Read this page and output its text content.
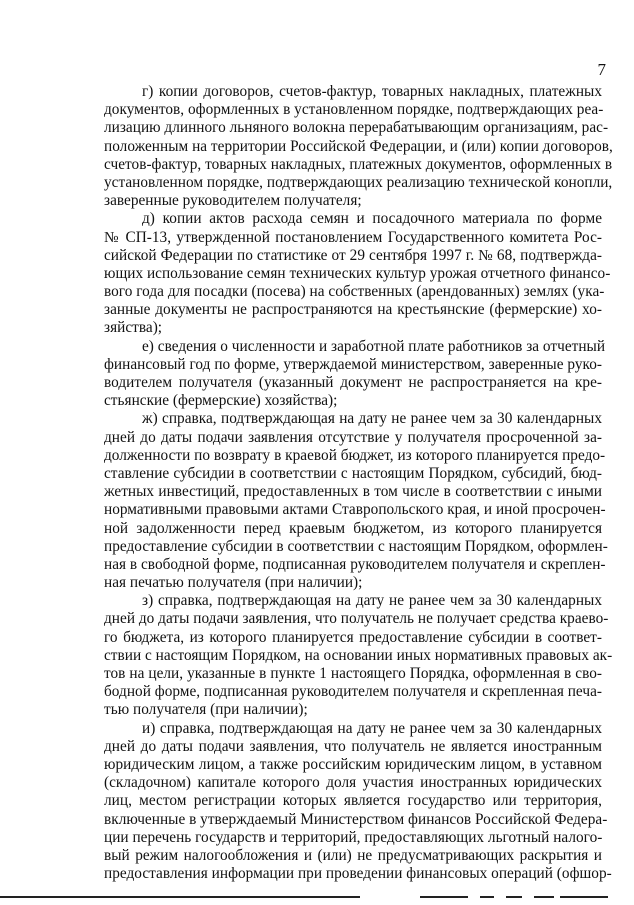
7
г) копии договоров, счетов-фактур, товарных накладных, платежных
документов, оформленных в установленном порядке, подтверждающих реа-
лизацию длинного льняного волокна перерабатывающим организациям, рас-
положенным на территории Российской Федерации, и (или) копии договоров,
счетов-фактур, товарных накладных, платежных документов, оформленных в
установленном порядке, подтверждающих реализацию технической конопли,
заверенные руководителем получателя;
д) копии актов расхода семян и посадочного материала по форме
№ СП-13, утвержденной постановлением Государственного комитета Рос-
сийской Федерации по статистике от 29 сентября 1997 г. № 68, подтвержда-
ющих использование семян технических культур урожая отчетного финансо-
вого года для посадки (посева) на собственных (арендованных) землях (ука-
занные документы не распространяются на крестьянские (фермерские) хо-
зяйства);
е) сведения о численности и заработной плате работников за отчетный
финансовый год по форме, утверждаемой министерством, заверенные руко-
водителем получателя (указанный документ не распространяется на кре-
стьянские (фермерские) хозяйства);
ж) справка, подтверждающая на дату не ранее чем за 30 календарных
дней до даты подачи заявления отсутствие у получателя просроченной за-
долженности по возврату в краевой бюджет, из которого планируется предо-
ставление субсидии в соответствии с настоящим Порядком, субсидий, бюд-
жетных инвестиций, предоставленных в том числе в соответствии с иными
нормативными правовыми актами Ставропольского края, и иной просрочен-
ной задолженности перед краевым бюджетом, из которого планируется
предоставление субсидии в соответствии с настоящим Порядком, оформлен-
ная в свободной форме, подписанная руководителем получателя и скреплен-
ная печатью получателя (при наличии);
з) справка, подтверждающая на дату не ранее чем за 30 календарных
дней до даты подачи заявления, что получатель не получает средства краево-
го бюджета, из которого планируется предоставление субсидии в соответ-
ствии с настоящим Порядком, на основании иных нормативных правовых ак-
тов на цели, указанные в пункте 1 настоящего Порядка, оформленная в сво-
бодной форме, подписанная руководителем получателя и скрепленная печа-
тью получателя (при наличии);
и) справка, подтверждающая на дату не ранее чем за 30 календарных
дней до даты подачи заявления, что получатель не является иностранным
юридическим лицом, а также российским юридическим лицом, в уставном
(складочном) капитале которого доля участия иностранных юридических
лиц, местом регистрации которых является государство или территория,
включенные в утверждаемый Министерством финансов Российской Федера-
ции перечень государств и территорий, предоставляющих льготный налого-
вый режим налогообложения и (или) не предусматривающих раскрытия и
предоставления информации при проведении финансовых операций (офшор-
